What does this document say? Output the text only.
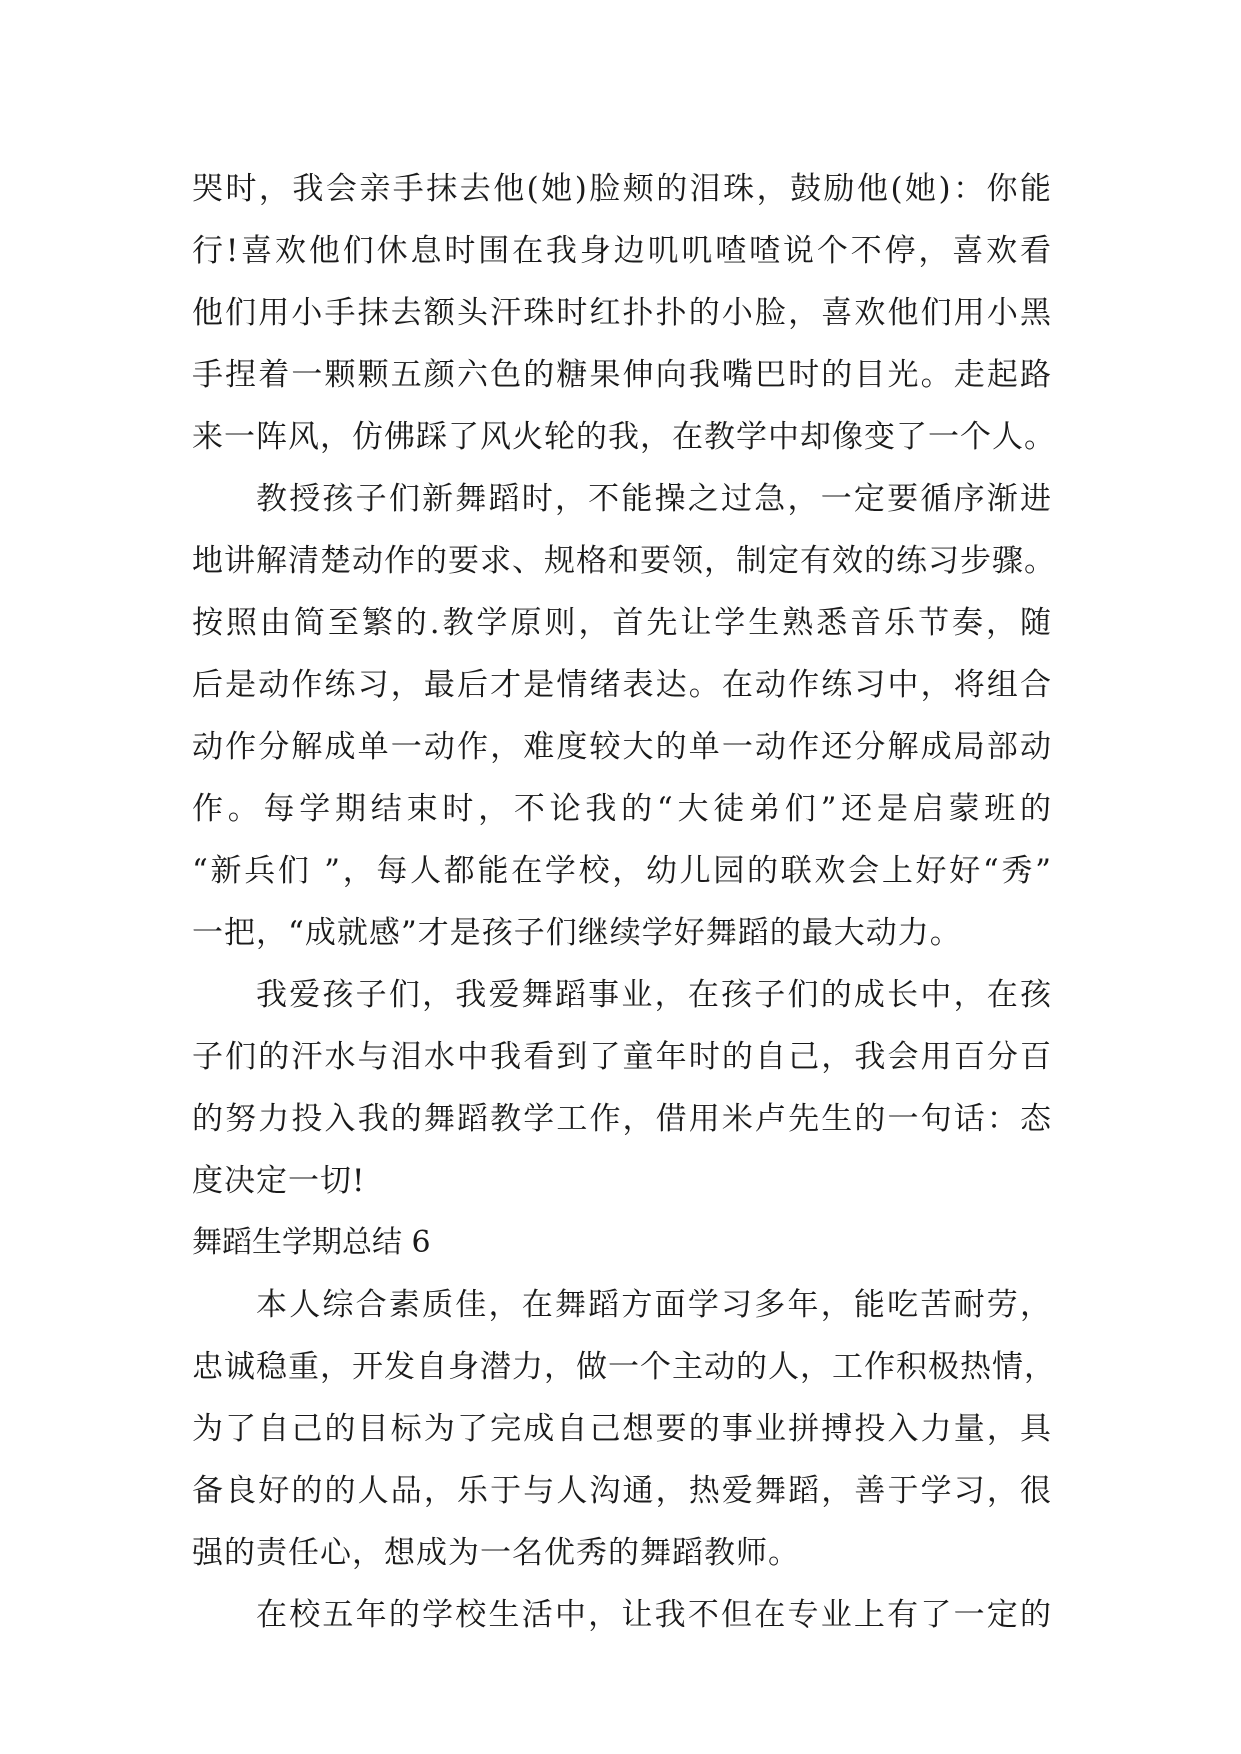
哭时，我会亲手抹去他(她)脸颊的泪珠，鼓励他(她)：你能
行!喜欢他们休息时围在我身边叽叽喳喳说个不停，喜欢看
他们用小手抹去额头汗珠时红扑扑的小脸，喜欢他们用小黑
手捏着一颗颗五颜六色的糖果伸向我嘴巴时的目光。走起路
来一阵风，仿佛踩了风火轮的我，在教学中却像变了一个人。
教授孩子们新舞蹈时，不能操之过急，一定要循序渐进
地讲解清楚动作的要求、规格和要领，制定有效的练习步骤。
按照由简至繁的.教学原则，首先让学生熟悉音乐节奏，随
后是动作练习，最后才是情绪表达。在动作练习中，将组合
动作分解成单一动作，难度较大的单一动作还分解成局部动
作。每学期结束时，不论我的“大徒弟们”还是启蒙班的
“新兵们 ”，每人都能在学校，幼儿园的联欢会上好好“秀”
一把，“成就感”才是孩子们继续学好舞蹈的最大动力。
我爱孩子们，我爱舞蹈事业，在孩子们的成长中，在孩
子们的汗水与泪水中我看到了童年时的自己，我会用百分百
的努力投入我的舞蹈教学工作，借用米卢先生的一句话：态
度决定一切!
舞蹈生学期总结 6
本人综合素质佳，在舞蹈方面学习多年，能吃苦耐劳，
忠诚稳重，开发自身潜力，做一个主动的人，工作积极热情，
为了自己的目标为了完成自己想要的事业拼搏投入力量，具
备良好的的人品，乐于与人沟通，热爱舞蹈，善于学习，很
强的责任心，想成为一名优秀的舞蹈教师。
在校五年的学校生活中，让我不但在专业上有了一定的
